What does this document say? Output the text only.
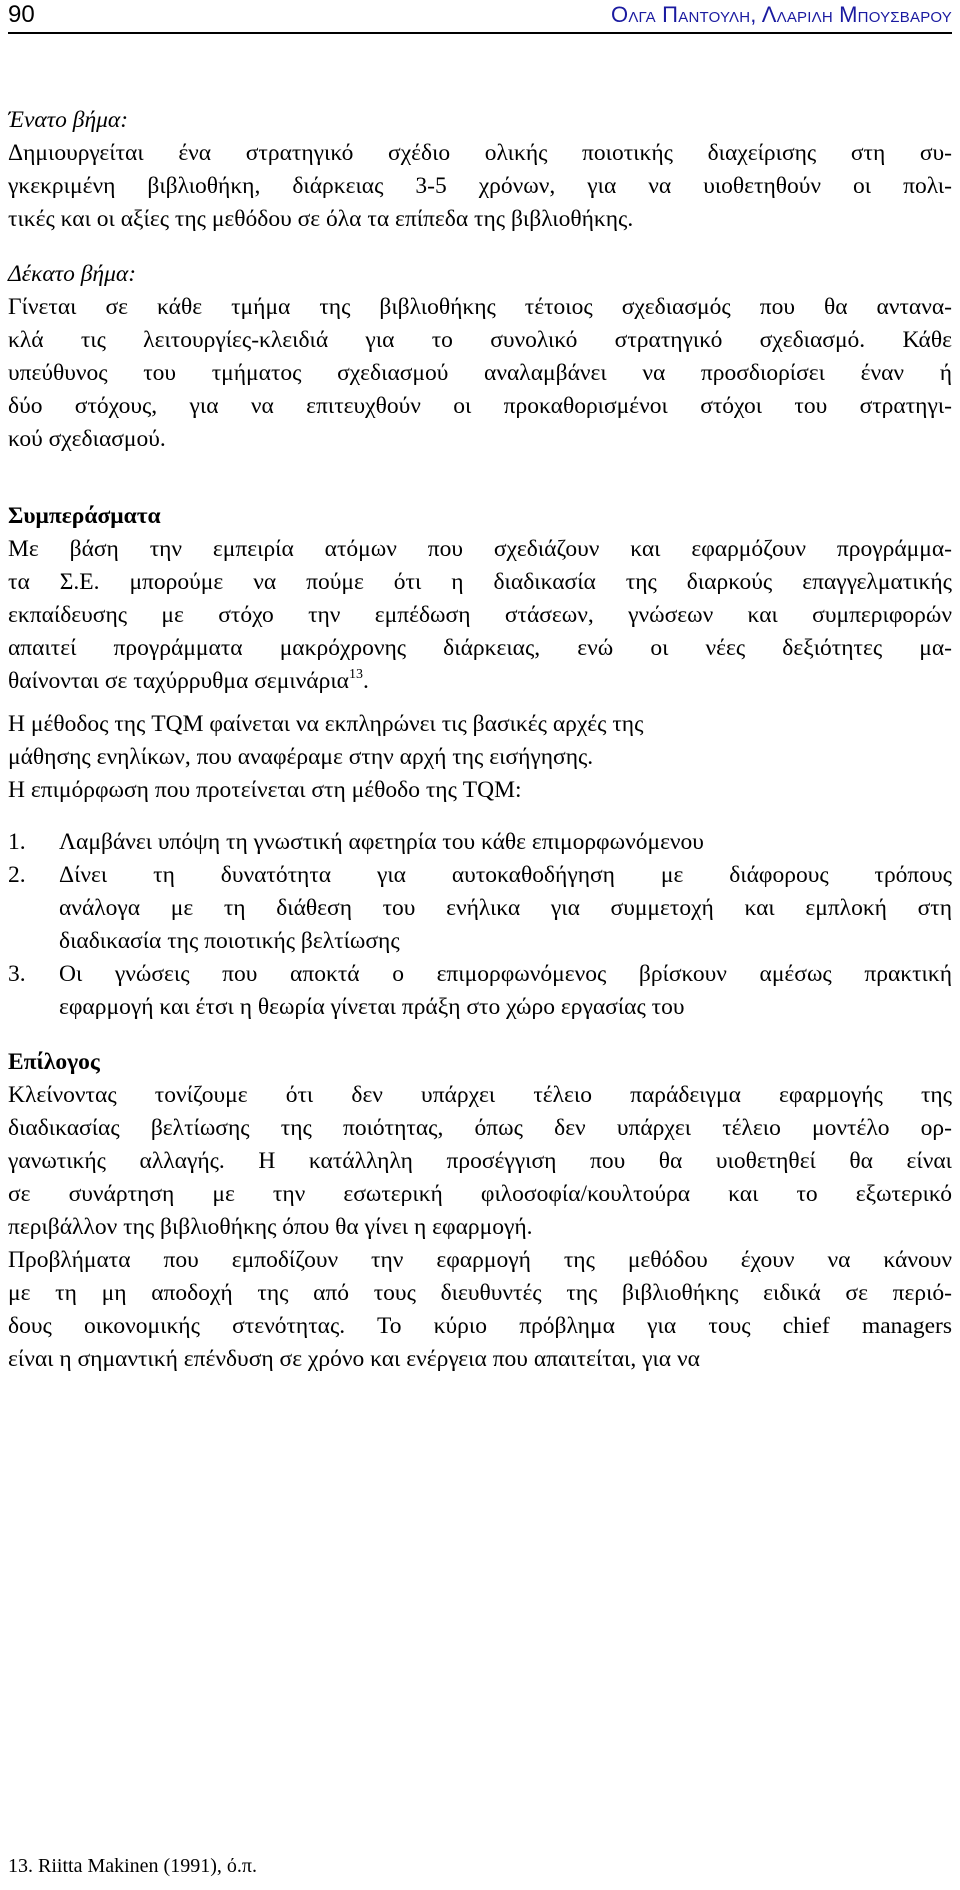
90	Ολγα Παντουλη, Λλαριλη Μπουσβαρου
Ένατο βήμα:
Δημιουργείται ένα στρατηγικό σχέδιο ολικής ποιοτικής διαχείρισης στη συ-
γκεκριμένη βιβλιοθήκη, διάρκειας 3-5 χρόνων, για να υιοθετηθούν οι πολι-
τικές και οι αξίες της μεθόδου σε όλα τα επίπεδα της βιβλιοθήκης.
Δέκατο βήμα:
Γίνεται σε κάθε τμήμα της βιβλιοθήκης τέτοιος σχεδιασμός που θα αντανα-
κλά τις λειτουργίες-κλειδιά για το συνολικό στρατηγικό σχεδιασμό. Κάθε
υπεύθυνος του τμήματος σχεδιασμού αναλαμβάνει να προσδιορίσει έναν ή
δύο στόχους, για να επιτευχθούν οι προκαθορισμένοι στόχοι του στρατηγι-
κού σχεδιασμού.
Συμπεράσματα
Με βάση την εμπειρία ατόμων που σχεδιάζουν και εφαρμόζουν προγράμμα-
τα Σ.Ε. μπορούμε να πούμε ότι η διαδικασία της διαρκούς επαγγελματικής
εκπαίδευσης με στόχο την εμπέδωση στάσεων, γνώσεων και συμπεριφορών
απαιτεί προγράμματα μακρόχρονης διάρκειας, ενώ οι νέες δεξιότητες μα-
θαίνονται σε ταχύρρυθμα σεμινάρια$^{13}$.
Η μέθοδος της TQM φαίνεται να εκπληρώνει τις βασικές αρχές της
μάθησης ενηλίκων, που αναφέραμε στην αρχή της εισήγησης.
Η επιμόρφωση που προτείνεται στη μέθοδο της TQM:
1. Λαμβάνει υπόψη τη γνωστική αφετηρία του κάθε επιμορφωνόμενου
2. Δίνει τη δυνατότητα για αυτοκαθοδήγηση με διάφορους τρόπους
ανάλογα με τη διάθεση του ενήλικα για συμμετοχή και εμπλοκή στη
διαδικασία της ποιοτικής βελτίωσης
3. Οι γνώσεις που αποκτά ο επιμορφωνόμενος βρίσκουν αμέσως πρακτική
εφαρμογή και έτσι η θεωρία γίνεται πράξη στο χώρο εργασίας του
Επίλογος
Κλείνοντας τονίζουμε ότι δεν υπάρχει τέλειο παράδειγμα εφαρμογής της
διαδικασίας βελτίωσης της ποιότητας, όπως δεν υπάρχει τέλειο μοντέλο ορ-
γανωτικής αλλαγής. Η κατάλληλη προσέγγιση που θα υιοθετηθεί θα είναι
σε συνάρτηση με την εσωτερική φιλοσοφία/κουλτούρα και το εξωτερικό
περιβάλλον της βιβλιοθήκης όπου θα γίνει η εφαρμογή.
Προβλήματα που εμποδίζουν την εφαρμογή της μεθόδου έχουν να κάνουν
με τη μη αποδοχή της από τους διευθυντές της βιβλιοθήκης ειδικά σε περιό-
δους οικονομικής στενότητας. Το κύριο πρόβλημα για τους chief managers
είναι η σημαντική επένδυση σε χρόνο και ενέργεια που απαιτείται, για να
13. Riitta Makinen (1991), ό.π.
